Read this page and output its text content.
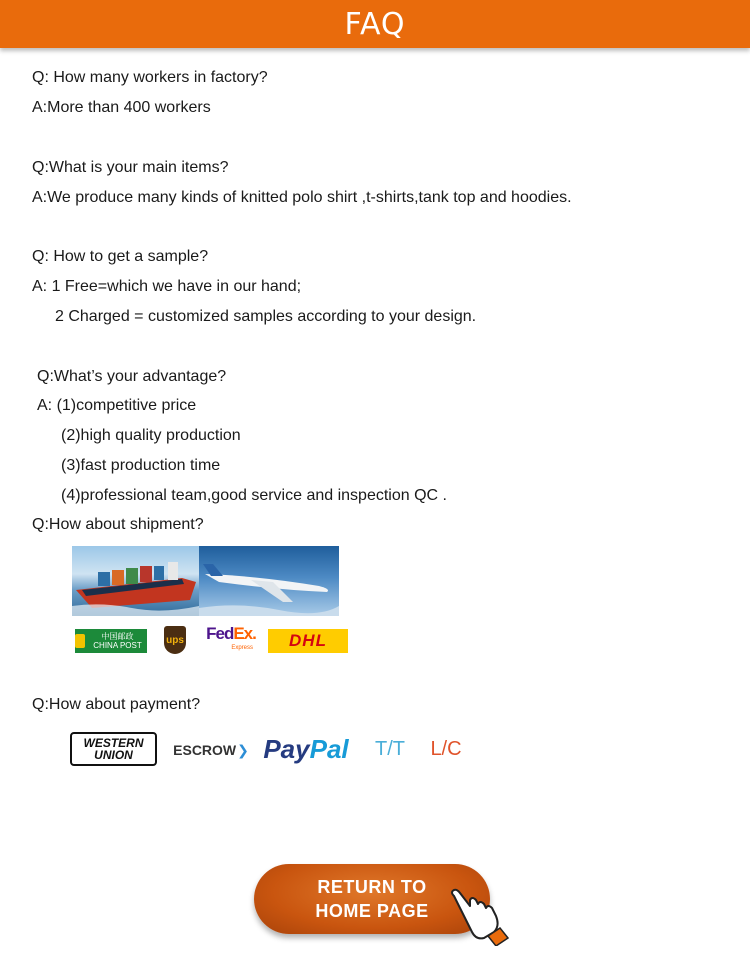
FAQ
Q: How many workers in factory?
A:More than 400 workers
Q:What is your main items?
A:We produce many kinds of knitted polo shirt ,t-shirts,tank top and hoodies.
Q: How to get a sample?
A: 1 Free=which we have in our hand;
2 Charged = customized samples according to your design.
Q:What’s your advantage?
A: (1)competitive price
(2)high quality production
(3)fast production time
(4)professional team,good service and inspection QC .
Q:How about shipment?
中国邮政 CHINA POST	ups FedEx.
Express DHL
Q:How about payment?
WESTERN
UNION	ESCROW ❯ Pay Pal T/T L/C
RETURN TO
HOME PAGE
